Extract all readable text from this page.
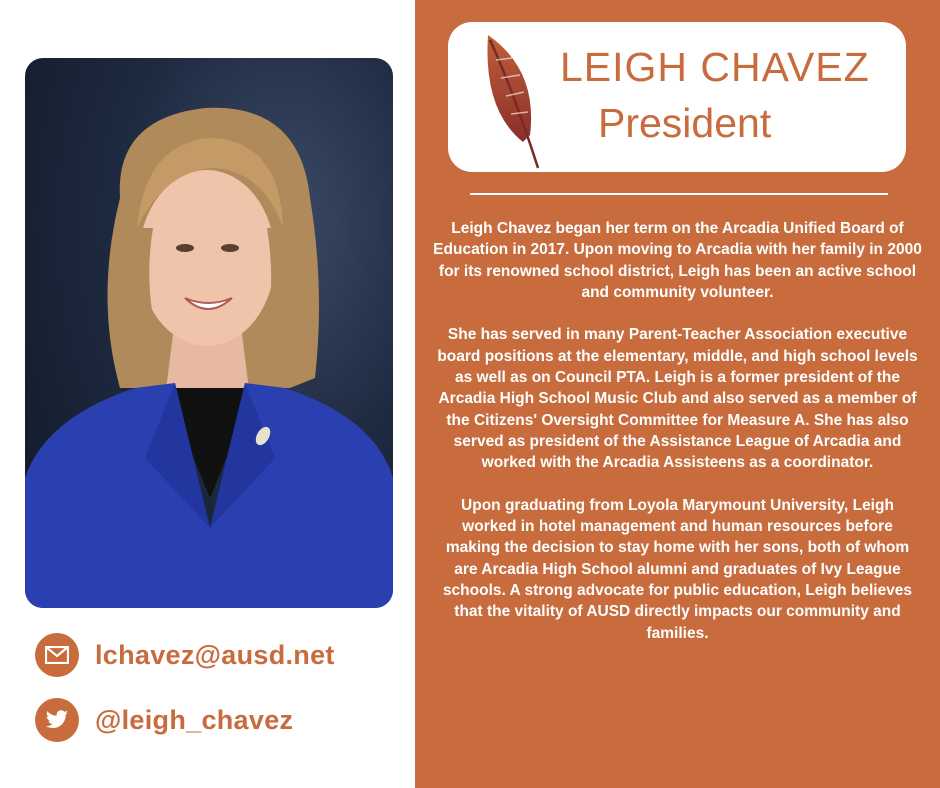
lchavez@ausd.net
@leigh_chavez
LEIGH CHAVEZ
President

Leigh Chavez began her term on the Arcadia Unified Board of Education in 2017. Upon moving to Arcadia with her family in 2000 for its renowned school district, Leigh has been an active school and community volunteer.

She has served in many Parent-Teacher Association executive board positions at the elementary, middle, and high school levels as well as on Council PTA. Leigh is a former president of the Arcadia High School Music Club and also served as a member of the Citizens' Oversight Committee for Measure A. She has also served as president of the Assistance League of Arcadia and worked with the Arcadia Assisteens as a coordinator.

Upon graduating from Loyola Marymount University, Leigh worked in hotel management and human resources before making the decision to stay home with her sons, both of whom are Arcadia High School alumni and graduates of Ivy League schools. A strong advocate for public education, Leigh believes that the vitality of AUSD directly impacts our community and families.
